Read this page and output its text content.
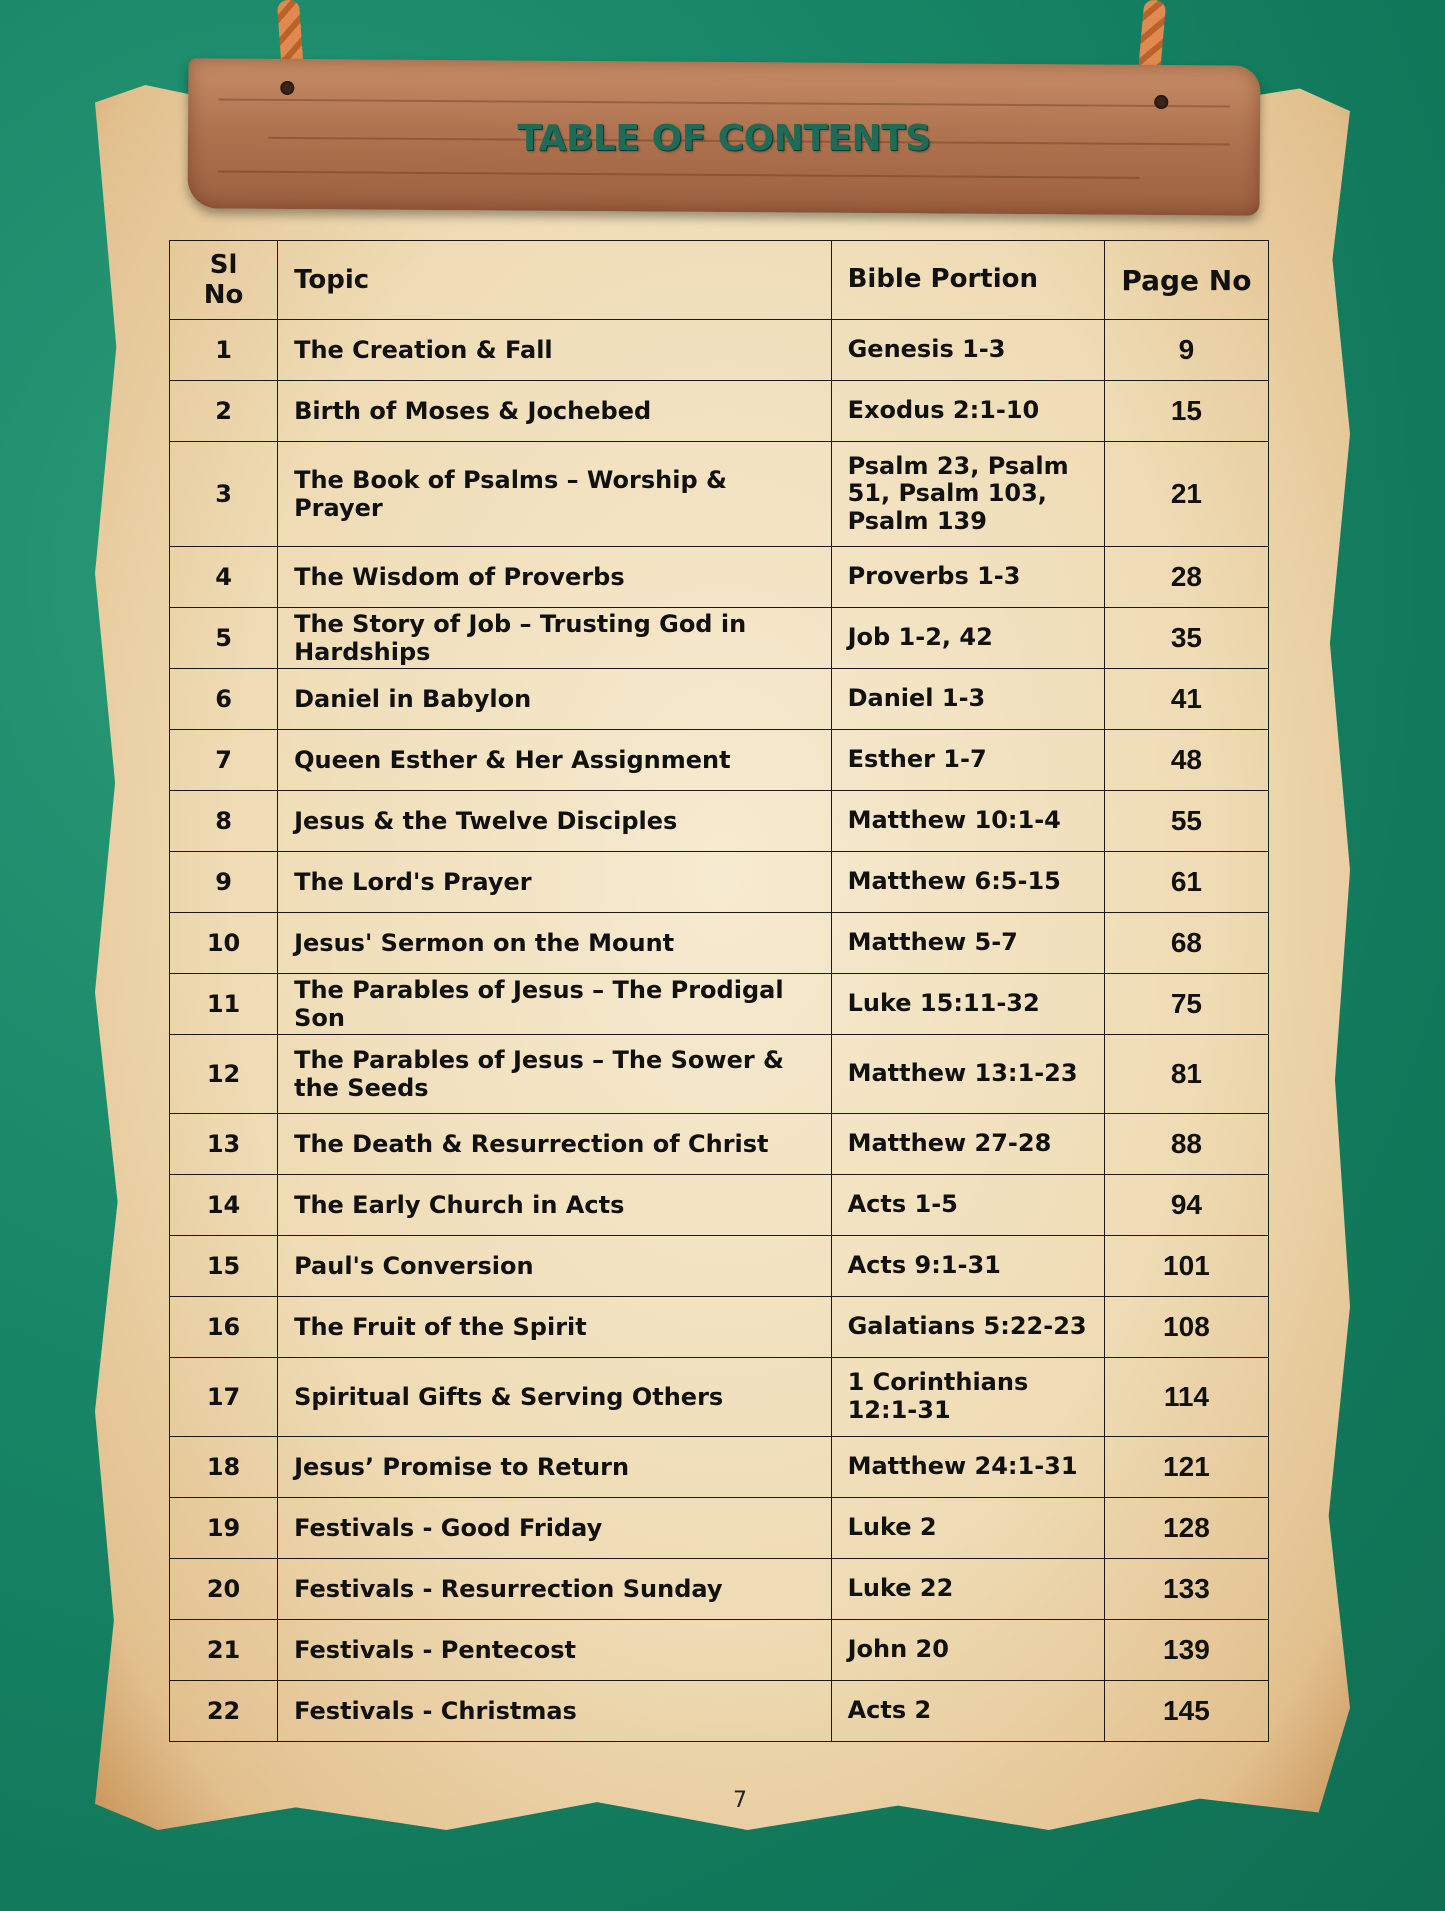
TABLE OF CONTENTS
Sl No	Topic	Bible Portion	Page No
1	The Creation & Fall	Genesis 1-3	9
2	Birth of Moses & Jochebed	Exodus 2:1-10	15
3	The Book of Psalms – Worship & Prayer	Psalm 23, Psalm 51, Psalm 103, Psalm 139	21
4	The Wisdom of Proverbs	Proverbs 1-3	28
5	The Story of Job – Trusting God in Hardships	Job 1-2, 42	35
6	Daniel in Babylon	Daniel 1-3	41
7	Queen Esther & Her Assignment	Esther 1-7	48
8	Jesus & the Twelve Disciples	Matthew 10:1-4	55
9	The Lord's Prayer	Matthew 6:5-15	61
10	Jesus' Sermon on the Mount	Matthew 5-7	68
11	The Parables of Jesus – The Prodigal Son	Luke 15:11-32	75
12	The Parables of Jesus – The Sower & the Seeds	Matthew 13:1-23	81
13	The Death & Resurrection of Christ	Matthew 27-28	88
14	The Early Church in Acts	Acts 1-5	94
15	Paul's Conversion	Acts 9:1-31	101
16	The Fruit of the Spirit	Galatians 5:22-23	108
17	Spiritual Gifts & Serving Others	1 Corinthians 12:1-31	114
18	Jesus’ Promise to Return	Matthew 24:1-31	121
19	Festivals - Good Friday	Luke 2	128
20	Festivals - Resurrection Sunday	Luke 22	133
21	Festivals - Pentecost	John 20	139
22	Festivals - Christmas	Acts 2	145
7
